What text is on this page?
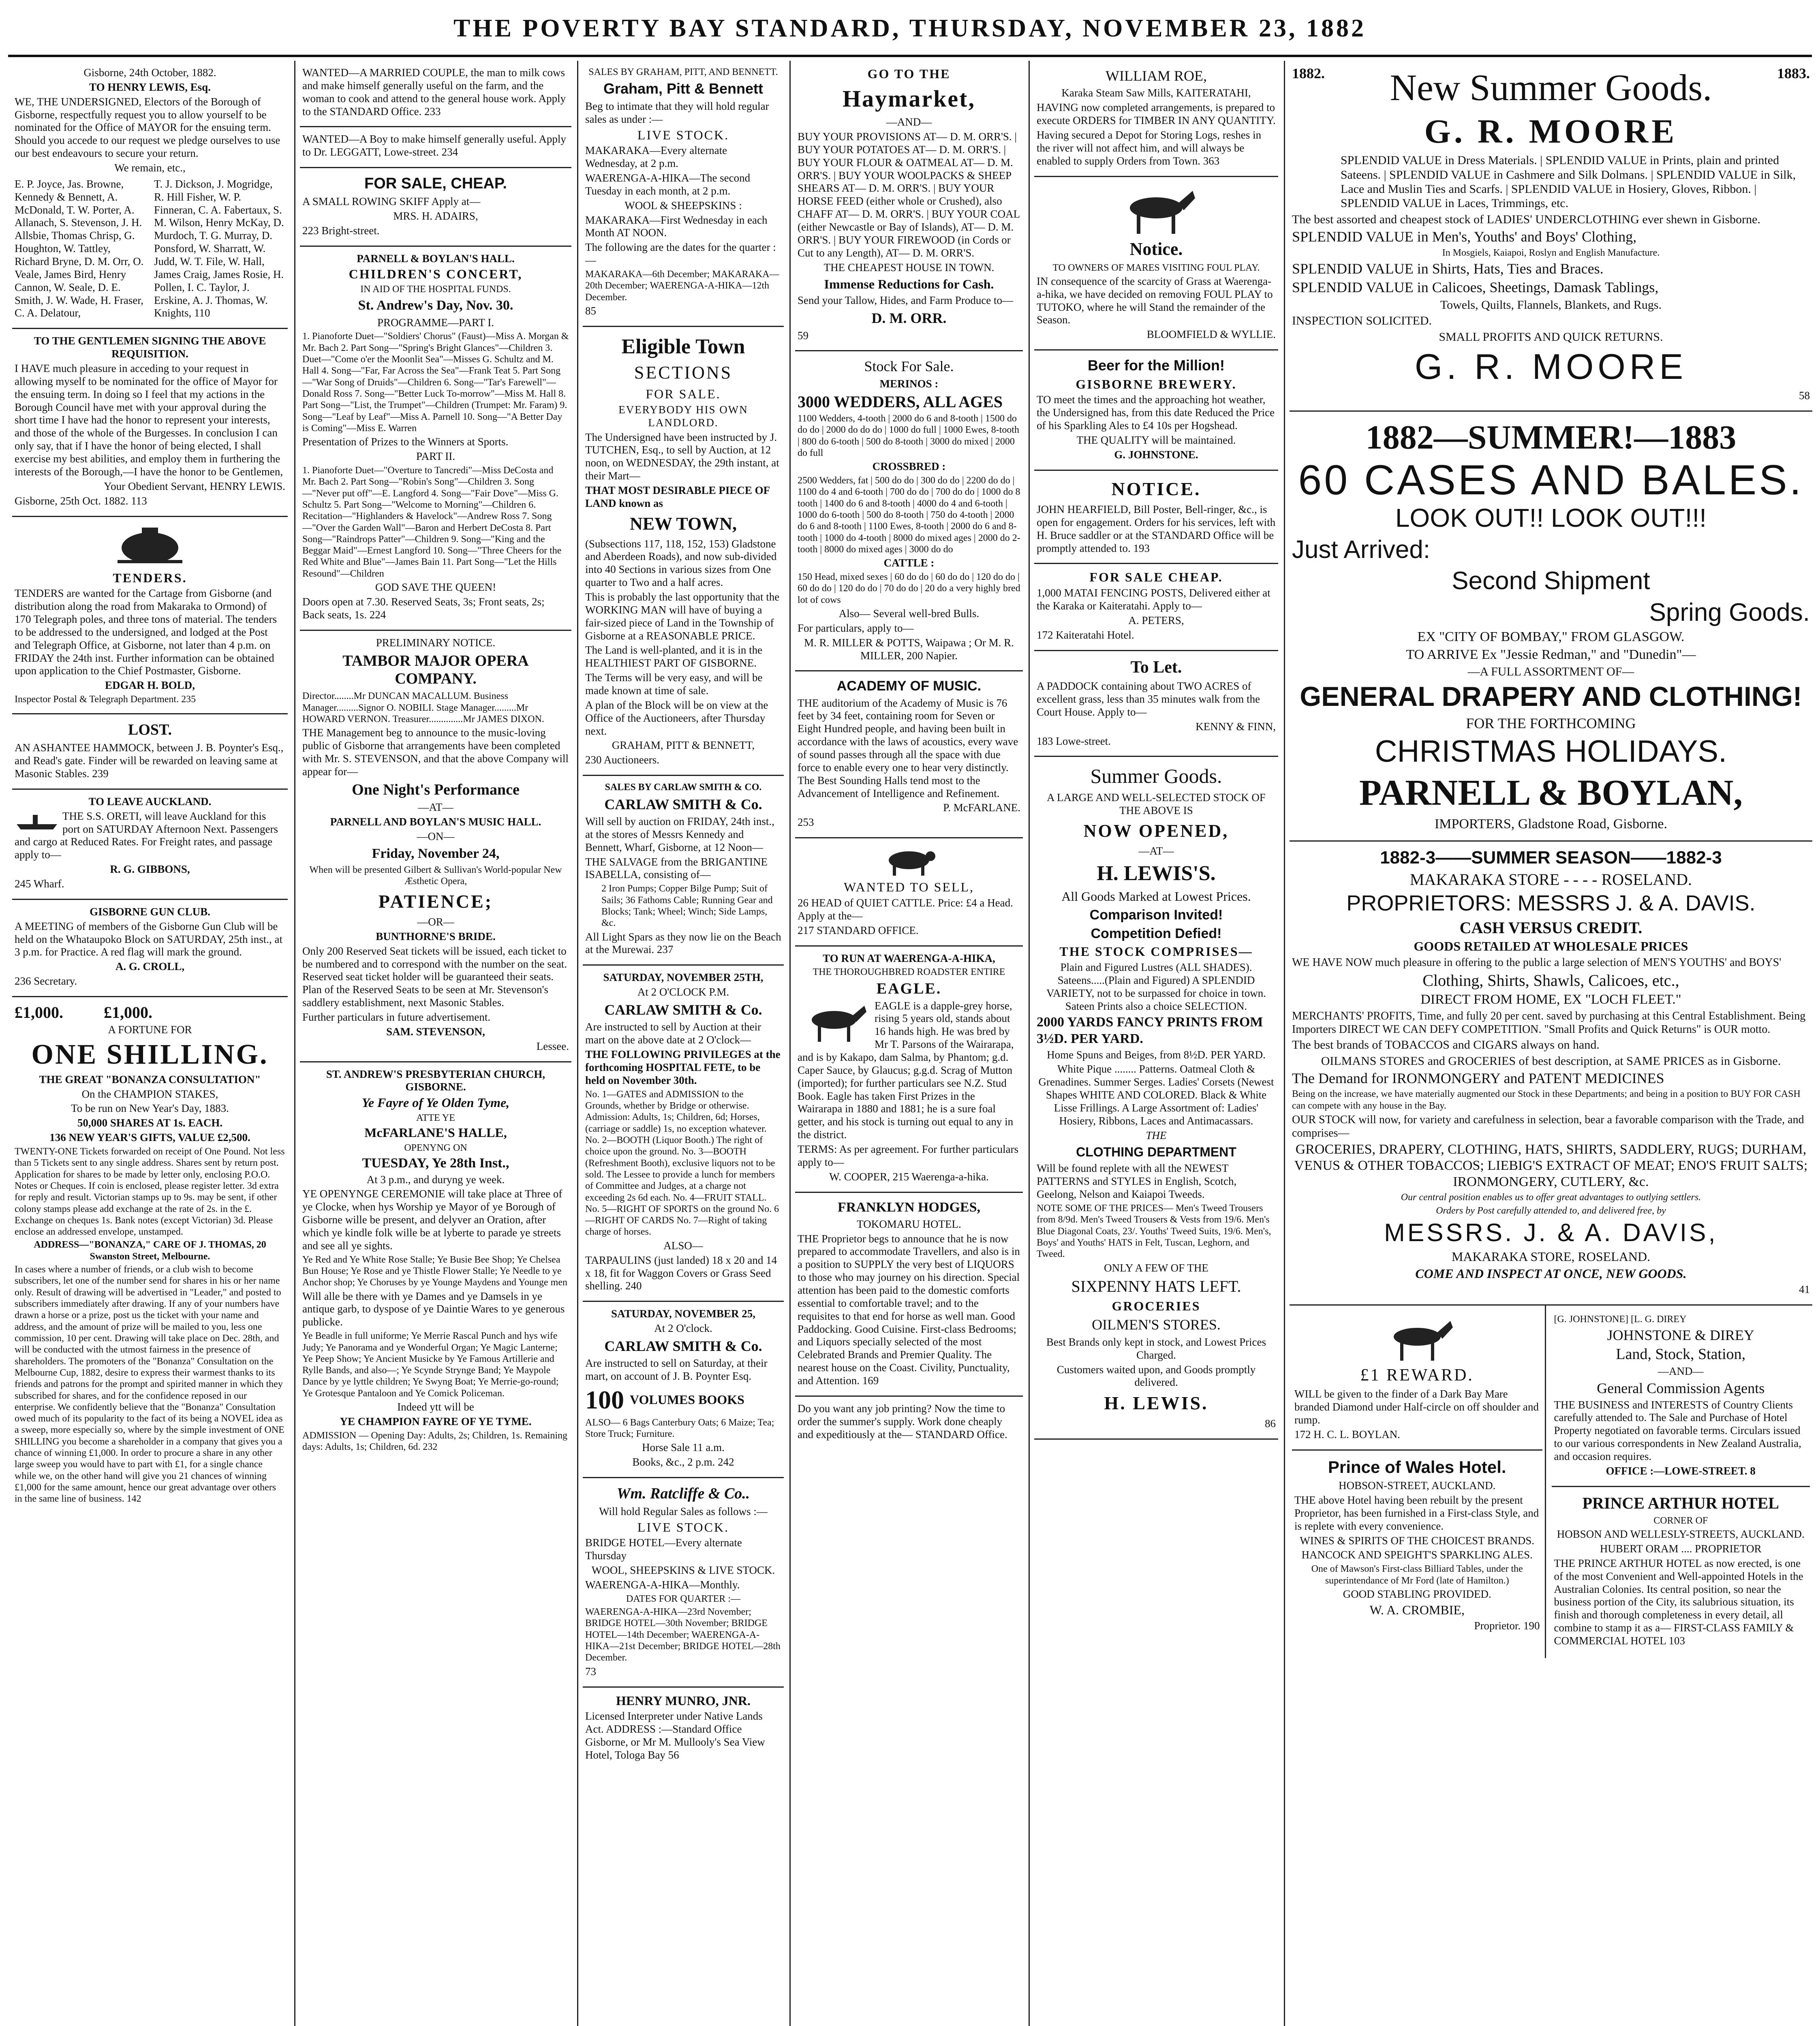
THE POVERTY BAY STANDARD, THURSDAY, NOVEMBER 23, 1882

Gisborne, 24th October, 1882.

TO HENRY LEWIS, Esq.

WE, THE UNDERSIGNED, Electors of the Borough of Gisborne, respectfully request you to allow yourself to be nominated for the Office of MAYOR for the ensuing term. Should you accede to our request we pledge ourselves to use our best endeavours to secure your return.

We remain, etc.,

E. P. Joyce, Jas. Browne, Kennedy & Bennett, A. McDonald, T. W. Porter, A. Allanach, S. Stevenson, J. H. Allsbie, Thomas Chrisp, G. Houghton, W. Tattley, Richard Bryne, D. M. Orr, O. Veale, James Bird, Henry Cannon, W. Seale, D. E. Smith, J. W. Wade, H. Fraser, C. A. Delatour,

T. J. Dickson, J. Mogridge, R. Hill Fisher, W. P. Finneran, C. A. Fabertaux, S. M. Wilson, Henry McKay, D. Murdoch, T. G. Murray, D. Ponsford, W. Sharratt, W. Judd, W. T. File, W. Hall, James Craig, James Rosie, H. Pollen, I. C. Taylor, J. Erskine, A. J. Thomas, W. Knights, 110

TO THE GENTLEMEN SIGNING THE ABOVE REQUISITION.

I HAVE much pleasure in acceding to your request in allowing myself to be nominated for the office of Mayor for the ensuing term. In doing so I feel that my actions in the Borough Council have met with your approval during the short time I have had the honor to represent your interests, and those of the whole of the Burgesses. In conclusion I can only say, that if I have the honor of being elected, I shall exercise my best abilities, and employ them in furthering the interests of the Borough,—I have the honor to be Gentlemen,

Your Obedient Servant, HENRY LEWIS.

Gisborne, 25th Oct. 1882. 113

TENDERS.

TENDERS are wanted for the Cartage from Gisborne (and distribution along the road from Makaraka to Ormond) of 170 Telegraph poles, and three tons of material. The tenders to be addressed to the undersigned, and lodged at the Post and Telegraph Office, at Gisborne, not later than 4 p.m. on FRIDAY the 24th inst. Further information can be obtained upon application to the Chief Postmaster, Gisborne.

EDGAR H. BOLD,

Inspector Postal & Telegraph Department. 235

LOST.

AN ASHANTEE HAMMOCK, between J. B. Poynter's Esq., and Read's gate. Finder will be rewarded on leaving same at Masonic Stables. 239

TO LEAVE AUCKLAND.

THE S.S. ORETI, will leave Auckland for this port on SATURDAY Afternoon Next. Passengers and cargo at Reduced Rates. For Freight rates, and passage apply to—

R. G. GIBBONS,

245 Wharf.

GISBORNE GUN CLUB.

A MEETING of members of the Gisborne Gun Club will be held on the Whataupoko Block on SATURDAY, 25th inst., at 3 p.m. for Practice. A red flag will mark the ground.

A. G. CROLL,

236 Secretary.

£1,000.          £1,000.

A FORTUNE FOR

ONE SHILLING.

THE GREAT "BONANZA CONSULTATION"

On the CHAMPION STAKES,

To be run on New Year's Day, 1883.

50,000 SHARES AT 1s. EACH.

136 NEW YEAR'S GIFTS, VALUE £2,500.

TWENTY-ONE Tickets forwarded on receipt of One Pound. Not less than 5 Tickets sent to any single address. Shares sent by return post. Application for shares to be made by letter only, enclosing P.O.O. Notes or Cheques. If coin is enclosed, please register letter. 3d extra for reply and result. Victorian stamps up to 9s. may be sent, if other colony stamps please add exchange at the rate of 2s. in the £. Exchange on cheques 1s. Bank notes (except Victorian) 3d. Please enclose an addressed envelope, unstamped.

ADDRESS—"BONANZA," CARE OF J. THOMAS, 20 Swanston Street, Melbourne.

In cases where a number of friends, or a club wish to become subscribers, let one of the number send for shares in his or her name only. Result of drawing will be advertised in "Leader," and posted to subscribers immediately after drawing. If any of your numbers have drawn a horse or a prize, post us the ticket with your name and address, and the amount of prize will be mailed to you, less one commission, 10 per cent. Drawing will take place on Dec. 28th, and will be conducted with the utmost fairness in the presence of shareholders. The promoters of the "Bonanza" Consultation on the Melbourne Cup, 1882, desire to express their warmest thanks to its friends and patrons for the prompt and spirited manner in which they subscribed for shares, and for the confidence reposed in our enterprise. We confidently believe that the "Bonanza" Consultation owed much of its popularity to the fact of its being a NOVEL idea as a sweep, more especially so, where by the simple investment of ONE SHILLING you become a shareholder in a company that gives you a chance of winning £1,000. In order to procure a share in any other large sweep you would have to part with £1, for a single chance while we, on the other hand will give you 21 chances of winning £1,000 for the same amount, hence our great advantage over others in the same line of business. 142

WANTED—A MARRIED COUPLE, the man to milk cows and make himself generally useful on the farm, and the woman to cook and attend to the general house work. Apply to the STANDARD Office. 233

WANTED—A Boy to make himself generally useful. Apply to Dr. LEGGATT, Lowe-street. 234

FOR SALE, CHEAP.

A SMALL ROWING SKIFF Apply at—

MRS. H. ADAIRS,

223 Bright-street.

PARNELL & BOYLAN'S HALL.

CHILDREN'S CONCERT,

IN AID OF THE HOSPITAL FUNDS.

St. Andrew's Day, Nov. 30.

PROGRAMME—PART I.

1. Pianoforte Duet—"Soldiers' Chorus" (Faust)—Miss A. Morgan & Mr. Bach 2. Part Song—"Spring's Bright Glances"—Children 3. Duet—"Come o'er the Moonlit Sea"—Misses G. Schultz and M. Hall 4. Song—"Far, Far Across the Sea"—Frank Teat 5. Part Song—"War Song of Druids"—Children 6. Song—"Tar's Farewell"—Donald Ross 7. Song—"Better Luck To-morrow"—Miss M. Hall 8. Part Song—"List, the Trumpet"—Children (Trumpet: Mr. Faram) 9. Song—"Leaf by Leaf"—Miss A. Parnell 10. Song—"A Better Day is Coming"—Miss E. Warren

Presentation of Prizes to the Winners at Sports.

PART II.

1. Pianoforte Duet—"Overture to Tancredi"—Miss DeCosta and Mr. Bach 2. Part Song—"Robin's Song"—Children 3. Song—"Never put off"—E. Langford 4. Song—"Fair Dove"—Miss G. Schultz 5. Part Song—"Welcome to Morning"—Children 6. Recitation—"Highlanders & Havelock"—Andrew Ross 7. Song—"Over the Garden Wall"—Baron and Herbert DeCosta 8. Part Song—"Raindrops Patter"—Children 9. Song—"King and the Beggar Maid"—Ernest Langford 10. Song—"Three Cheers for the Red White and Blue"—James Bain 11. Part Song—"Let the Hills Resound"—Children

GOD SAVE THE QUEEN!

Doors open at 7.30. Reserved Seats, 3s; Front seats, 2s; Back seats, 1s. 224

PRELIMINARY NOTICE.

TAMBOR MAJOR OPERA COMPANY.

Director........Mr DUNCAN MACALLUM. Business Manager.........Signor O. NOBILI. Stage Manager.........Mr HOWARD VERNON. Treasurer..............Mr JAMES DIXON.

THE Management beg to announce to the music-loving public of Gisborne that arrangements have been completed with Mr. S. STEVENSON, and that the above Company will appear for—

One Night's Performance

—AT—

PARNELL AND BOYLAN'S MUSIC HALL.

—ON—

Friday, November 24,

When will be presented Gilbert & Sullivan's World-popular New Æsthetic Opera,

PATIENCE;

—OR—

BUNTHORNE'S BRIDE.

Only 200 Reserved Seat tickets will be issued, each ticket to be numbered and to correspond with the number on the seat. Reserved seat ticket holder will be guaranteed their seats. Plan of the Reserved Seats to be seen at Mr. Stevenson's saddlery establishment, next Masonic Stables.

Further particulars in future advertisement.

SAM. STEVENSON,

Lessee.

ST. ANDREW'S PRESBYTERIAN CHURCH, GISBORNE.

Ye Fayre of Ye Olden Tyme,

ATTE YE

McFARLANE'S HALLE,

OPENYNG ON

TUESDAY, Ye 28th Inst.,

At 3 p.m., and duryng ye week.

YE OPENYNGE CEREMONIE will take place at Three of ye Clocke, when hys Worship ye Mayor of ye Borough of Gisborne wille be present, and delyver an Oration, after which ye kindle folk wille be at lyberte to parade ye streets and see all ye sights.

Ye Red and Ye White Rose Stalle; Ye Busie Bee Shop; Ye Chelsea Bun House; Ye Rose and ye Thistle Flower Stalle; Ye Needle to ye Anchor shop; Ye Choruses by ye Younge Maydens and Younge men

Will alle be there with ye Dames and ye Damsels in ye antique garb, to dyspose of ye Daintie Wares to ye generous publicke.

Ye Beadle in full uniforme; Ye Merrie Rascal Punch and hys wife Judy; Ye Panorama and ye Wonderful Organ; Ye Magic Lanterne; Ye Peep Show; Ye Ancient Musicke by Ye Famous Artillerie and Rylle Bands, and also—; Ye Scynde Strynge Band; Ye Maypole Dance by ye lyttle children; Ye Swyng Boat; Ye Merrie-go-round; Ye Grotesque Pantaloon and Ye Comick Policeman.

Indeed ytt will be

YE CHAMPION FAYRE OF YE TYME.

ADMISSION — Opening Day: Adults, 2s; Children, 1s. Remaining days: Adults, 1s; Children, 6d. 232

SALES BY GRAHAM, PITT, AND BENNETT.

Graham, Pitt & Bennett

Beg to intimate that they will hold regular sales as under :—

LIVE STOCK.

MAKARAKA—Every alternate Wednesday, at 2 p.m.

WAERENGA-A-HIKA—The second Tuesday in each month, at 2 p.m.

WOOL & SHEEPSKINS :

MAKARAKA—First Wednesday in each Month AT NOON.

The following are the dates for the quarter :—

MAKARAKA—6th December; MAKARAKA—20th December; WAERENGA-A-HIKA—12th December.

85

Eligible Town

SECTIONS

FOR SALE.

EVERYBODY HIS OWN LANDLORD.

The Undersigned have been instructed by J. TUTCHEN, Esq., to sell by Auction, at 12 noon, on WEDNESDAY, the 29th instant, at their Mart—

THAT MOST DESIRABLE PIECE OF LAND known as

NEW TOWN,

(Subsections 117, 118, 152, 153) Gladstone and Aberdeen Roads), and now sub-divided into 40 Sections in various sizes from One quarter to Two and a half acres.

This is probably the last opportunity that the WORKING MAN will have of buying a fair-sized piece of Land in the Township of Gisborne at a REASONABLE PRICE.

The Land is well-planted, and it is in the HEALTHIEST PART OF GISBORNE.

The Terms will be very easy, and will be made known at time of sale.

A plan of the Block will be on view at the Office of the Auctioneers, after Thursday next.

GRAHAM, PITT & BENNETT,

230 Auctioneers.

SALES BY CARLAW SMITH & CO.

CARLAW SMITH & Co.

Will sell by auction on FRIDAY, 24th inst., at the stores of Messrs Kennedy and Bennett, Wharf, Gisborne, at 12 Noon—

THE SALVAGE from the BRIGANTINE ISABELLA, consisting of—

2 Iron Pumps; Copper Bilge Pump; Suit of Sails; 36 Fathoms Cable; Running Gear and Blocks; Tank; Wheel; Winch; Side Lamps, &c.

All Light Spars as they now lie on the Beach at the Murewai. 237

SATURDAY, NOVEMBER 25TH,

At 2 O'CLOCK P.M.

CARLAW SMITH & Co.

Are instructed to sell by Auction at their mart on the above date at 2 O'clock—

THE FOLLOWING PRIVILEGES at the forthcoming HOSPITAL FETE, to be held on November 30th.

No. 1—GATES and ADMISSION to the Grounds, whether by Bridge or otherwise. Admission: Adults, 1s; Children, 6d; Horses, (carriage or saddle) 1s, no exception whatever. No. 2—BOOTH (Liquor Booth.) The right of choice upon the ground. No. 3—BOOTH (Refreshment Booth), exclusive liquors not to be sold. The Lessee to provide a lunch for members of Committee and Judges, at a charge not exceeding 2s 6d each. No. 4—FRUIT STALL. No. 5—RIGHT OF SPORTS on the ground No. 6—RIGHT OF CARDS No. 7—Right of taking charge of horses.

ALSO—

TARPAULINS (just landed) 18 x 20 and 14 x 18, fit for Waggon Covers or Grass Seed shelling. 240

SATURDAY, NOVEMBER 25,

At 2 O'clock.

CARLAW SMITH & Co.

Are instructed to sell on Saturday, at their mart, on account of J. B. Poynter Esq.

100 VOLUMES BOOKS

ALSO— 6 Bags Canterbury Oats; 6 Maize; Tea; Store Truck; Furniture.

Horse Sale 11 a.m.

Books, &c., 2 p.m. 242

Wm. Ratcliffe & Co..

Will hold Regular Sales as follows :—

LIVE STOCK.

BRIDGE HOTEL—Every alternate Thursday

WOOL, SHEEPSKINS & LIVE STOCK.

WAERENGA-A-HIKA—Monthly.

DATES FOR QUARTER :—

WAERENGA-A-HIKA—23rd November; BRIDGE HOTEL—30th November; BRIDGE HOTEL—14th December; WAERENGA-A-HIKA—21st December; BRIDGE HOTEL—28th December.

73

HENRY MUNRO, JNR.

Licensed Interpreter under Native Lands Act. ADDRESS :—Standard Office Gisborne, or Mr M. Mullooly's Sea View Hotel, Tologa Bay 56

GO TO THE

Haymarket,

—AND—

BUY YOUR PROVISIONS AT— D. M. ORR'S. | BUY YOUR POTATOES AT— D. M. ORR'S. | BUY YOUR FLOUR & OATMEAL AT— D. M. ORR'S. | BUY YOUR WOOLPACKS & SHEEP SHEARS AT— D. M. ORR'S. | BUY YOUR HORSE FEED (either whole or Crushed), also CHAFF AT— D. M. ORR'S. | BUY YOUR COAL (either Newcastle or Bay of Islands), AT— D. M. ORR'S. | BUY YOUR FIREWOOD (in Cords or Cut to any Length), AT— D. M. ORR'S.

THE CHEAPEST HOUSE IN TOWN.

Immense Reductions for Cash.

Send your Tallow, Hides, and Farm Produce to—

D. M. ORR.

59

Stock For Sale.

MERINOS :

3000 WEDDERS, ALL AGES

1100 Wedders, 4-tooth | 2000 do 6 and 8-tooth | 1500 do do do | 2000 do do do | 1000 do full | 1000 Ewes, 8-tooth | 800 do 6-tooth | 500 do 8-tooth | 3000 do mixed | 2000 do full

CROSSBRED :

2500 Wedders, fat | 500 do do | 300 do do | 2200 do do | 1100 do 4 and 6-tooth | 700 do do | 700 do do | 1000 do 8 tooth | 1400 do 6 and 8-tooth | 4000 do 4 and 6-tooth | 1000 do 6-tooth | 500 do 8-tooth | 750 do 4-tooth | 2000 do 6 and 8-tooth | 1100 Ewes, 8-tooth | 2000 do 6 and 8-tooth | 1000 do 4-tooth | 8000 do mixed ages | 2000 do 2-tooth | 8000 do mixed ages | 3000 do do

CATTLE :

150 Head, mixed sexes | 60 do do | 60 do do | 120 do do | 60 do do | 120 do do | 70 do do | 20 do a very highly bred lot of cows

Also— Several well-bred Bulls.

For particulars, apply to—

M. R. MILLER & POTTS, Waipawa ; Or M. R. MILLER, 200 Napier.

ACADEMY OF MUSIC.

THE auditorium of the Academy of Music is 76 feet by 34 feet, containing room for Seven or Eight Hundred people, and having been built in accordance with the laws of acoustics, every wave of sound passes through all the space with due force to enable every one to hear very distinctly. The Best Sounding Halls tend most to the Advancement of Intelligence and Refinement.

P. McFARLANE.

253

WANTED TO SELL,

26 HEAD of QUIET CATTLE. Price: £4 a Head. Apply at the—

217 STANDARD OFFICE.

TO RUN AT WAERENGA-A-HIKA,

THE THOROUGHBRED ROADSTER ENTIRE

EAGLE.

EAGLE is a dapple-grey horse, rising 5 years old, stands about 16 hands high. He was bred by Mr T. Parsons of the Wairarapa, and is by Kakapo, dam Salma, by Phantom; g.d. Caper Sauce, by Glaucus; g.g.d. Scrag of Mutton (imported); for further particulars see N.Z. Stud Book. Eagle has taken First Prizes in the Wairarapa in 1880 and 1881; he is a sure foal getter, and his stock is turning out equal to any in the district.

TERMS: As per agreement. For further particulars apply to—

W. COOPER, 215 Waerenga-a-hika.

FRANKLYN HODGES,

TOKOMARU HOTEL.

THE Proprietor begs to announce that he is now prepared to accommodate Travellers, and also is in a position to SUPPLY the very best of LIQUORS to those who may journey on his direction. Special attention has been paid to the domestic comforts essential to comfortable travel; and to the requisites to that end for horse as well man. Good Paddocking. Good Cuisine. First-class Bedrooms; and Liquors specially selected of the most Celebrated Brands and Premier Quality. The nearest house on the Coast. Civility, Punctuality, and Attention. 169

Do you want any job printing? Now the time to order the summer's supply. Work done cheaply and expeditiously at the— STANDARD Office.

WILLIAM ROE,

Karaka Steam Saw Mills, KAITERATAHI,

HAVING now completed arrangements, is prepared to execute ORDERS for TIMBER IN ANY QUANTITY.

Having secured a Depot for Storing Logs, reshes in the river will not affect him, and will always be enabled to supply Orders from Town. 363

Notice.

TO OWNERS OF MARES VISITING FOUL PLAY.

IN consequence of the scarcity of Grass at Waerenga-a-hika, we have decided on removing FOUL PLAY to TUTOKO, where he will Stand the remainder of the Season.

BLOOMFIELD & WYLLIE.

Beer for the Million!

GISBORNE BREWERY.

TO meet the times and the approaching hot weather, the Undersigned has, from this date Reduced the Price of his Sparkling Ales to £4 10s per Hogshead.

THE QUALITY will be maintained.

G. JOHNSTONE.

NOTICE.

JOHN HEARFIELD, Bill Poster, Bell-ringer, &c., is open for engagement. Orders for his services, left with H. Bruce saddler or at the STANDARD Office will be promptly attended to. 193

FOR SALE CHEAP.

1,000 MATAI FENCING POSTS, Delivered either at the Karaka or Kaiteratahi. Apply to—

A. PETERS,

172 Kaiteratahi Hotel.

To Let.

A PADDOCK containing about TWO ACRES of excellent grass, less than 35 minutes walk from the Court House. Apply to—

KENNY & FINN,

183 Lowe-street.

Summer Goods.

A LARGE AND WELL-SELECTED STOCK OF THE ABOVE IS

NOW OPENED,

—AT—

H. LEWIS'S.

All Goods Marked at Lowest Prices.

Comparison Invited!

Competition Defied!

THE STOCK COMPRISES—

Plain and Figured Lustres (ALL SHADES). Sateens.....(Plain and Figured) A SPLENDID VARIETY, not to be surpassed for choice in town. Sateen Prints also a choice SELECTION.

2000 YARDS FANCY PRINTS FROM 3½D. PER YARD.

Home Spuns and Beiges, from 8½D. PER YARD.

White Pique ........ Patterns. Oatmeal Cloth & Grenadines. Summer Serges. Ladies' Corsets (Newest Shapes WHITE AND COLORED. Black & White Lisse Frillings. A Large Assortment of: Ladies' Hosiery, Ribbons, Laces and Antimacassars.

THE

CLOTHING DEPARTMENT

Will be found replete with all the NEWEST PATTERNS and STYLES in English, Scotch, Geelong, Nelson and Kaiapoi Tweeds.

NOTE SOME OF THE PRICES— Men's Tweed Trousers from 8/9d. Men's Tweed Trousers & Vests from 19/6. Men's Blue Diagonal Coats, 23/. Youths' Tweed Suits, 19/6. Men's, Boys' and Youths' HATS in Felt, Tuscan, Leghorn, and Tweed.

ONLY A FEW OF THE

SIXPENNY HATS LEFT.

GROCERIES

OILMEN'S STORES.

Best Brands only kept in stock, and Lowest Prices Charged.

Customers waited upon, and Goods promptly delivered.

H. LEWIS.

86

1882.	1883.

New Summer Goods.

G. R. MOORE

SPLENDID VALUE in Dress Materials. | SPLENDID VALUE in Prints, plain and printed Sateens. | SPLENDID VALUE in Cashmere and Silk Dolmans. | SPLENDID VALUE in Silk, Lace and Muslin Ties and Scarfs. | SPLENDID VALUE in Hosiery, Gloves, Ribbon. | SPLENDID VALUE in Laces, Trimmings, etc.

The best assorted and cheapest stock of LADIES' UNDERCLOTHING ever shewn in Gisborne.

SPLENDID VALUE in Men's, Youths' and Boys' Clothing,

In Mosgiels, Kaiapoi, Roslyn and English Manufacture.

SPLENDID VALUE in Shirts, Hats, Ties and Braces.

SPLENDID VALUE in Calicoes, Sheetings, Damask Tablings,

Towels, Quilts, Flannels, Blankets, and Rugs.

INSPECTION SOLICITED.

SMALL PROFITS AND QUICK RETURNS.

G. R. MOORE

58

1882—SUMMER!—1883

60 CASES AND BALES.

LOOK OUT!! LOOK OUT!!!

Just Arrived:

Second Shipment

Spring Goods.

EX "CITY OF BOMBAY," FROM GLASGOW.

TO ARRIVE Ex "Jessie Redman," and "Dunedin"—

—A FULL ASSORTMENT OF—

GENERAL DRAPERY AND CLOTHING!

FOR THE FORTHCOMING

CHRISTMAS HOLIDAYS.

PARNELL & BOYLAN,

IMPORTERS, Gladstone Road, Gisborne.

1882-3——SUMMER SEASON——1882-3

MAKARAKA STORE - - - - ROSELAND.

PROPRIETORS: MESSRS J. & A. DAVIS.

CASH VERSUS CREDIT.

GOODS RETAILED AT WHOLESALE PRICES

WE HAVE NOW much pleasure in offering to the public a large selection of MEN'S YOUTHS' and BOYS'

Clothing, Shirts, Shawls, Calicoes, etc.,

DIRECT FROM HOME, EX "LOCH FLEET."

MERCHANTS' PROFITS, Time, and fully 20 per cent. saved by purchasing at this Central Establishment. Being Importers DIRECT WE CAN DEFY COMPETITION. "Small Profits and Quick Returns" is OUR motto.

The best brands of TOBACCOS and CIGARS always on hand.

OILMANS STORES and GROCERIES of best description, at SAME PRICES as in Gisborne.

The Demand for IRONMONGERY and PATENT MEDICINES

Being on the increase, we have materially augmented our Stock in these Departments; and being in a position to BUY FOR CASH can compete with any house in the Bay.

OUR STOCK will now, for variety and carefulness in selection, bear a favorable comparison with the Trade, and comprises—

GROCERIES, DRAPERY, CLOTHING, HATS, SHIRTS, SADDLERY, RUGS; DURHAM, VENUS & OTHER TOBACCOS; LIEBIG'S EXTRACT OF MEAT; ENO'S FRUIT SALTS; IRONMONGERY, CUTLERY, &c.

Our central position enables us to offer great advantages to outlying settlers.

Orders by Post carefully attended to, and delivered free, by

MESSRS. J. & A. DAVIS,

MAKARAKA STORE, ROSELAND.

COME AND INSPECT AT ONCE, NEW GOODS.

41

£1 REWARD.

WILL be given to the finder of a Dark Bay Mare branded Diamond under Half-circle on off shoulder and rump.

172 H. C. L. BOYLAN.

Prince of Wales Hotel.

HOBSON-STREET, AUCKLAND.

THE above Hotel having been rebuilt by the present Proprietor, has been furnished in a First-class Style, and is replete with every convenience.

WINES & SPIRITS OF THE CHOICEST BRANDS.

HANCOCK AND SPEIGHT'S SPARKLING ALES.

One of Mawson's First-class Billiard Tables, under the superintendance of Mr Ford (late of Hamilton.)

GOOD STABLING PROVIDED.

W. A. CROMBIE,

Proprietor. 190

[G. JOHNSTONE] [L. G. DIREY

JOHNSTONE & DIREY

Land, Stock, Station,

—AND—

General Commission Agents

THE BUSINESS and INTERESTS of Country Clients carefully attended to. The Sale and Purchase of Hotel Property negotiated on favorable terms. Circulars issued to our various correspondents in New Zealand Australia, and occasion requires.

OFFICE :—LOWE-STREET. 8

PRINCE ARTHUR HOTEL

CORNER OF

HOBSON AND WELLESLY-STREETS, AUCKLAND.

HUBERT ORAM .... PROPRIETOR

THE PRINCE ARTHUR HOTEL as now erected, is one of the most Convenient and Well-appointed Hotels in the Australian Colonies. Its central position, so near the business portion of the City, its salubrious situation, its finish and thorough completeness in every detail, all combine to stamp it as a— FIRST-CLASS FAMILY & COMMERCIAL HOTEL 103
